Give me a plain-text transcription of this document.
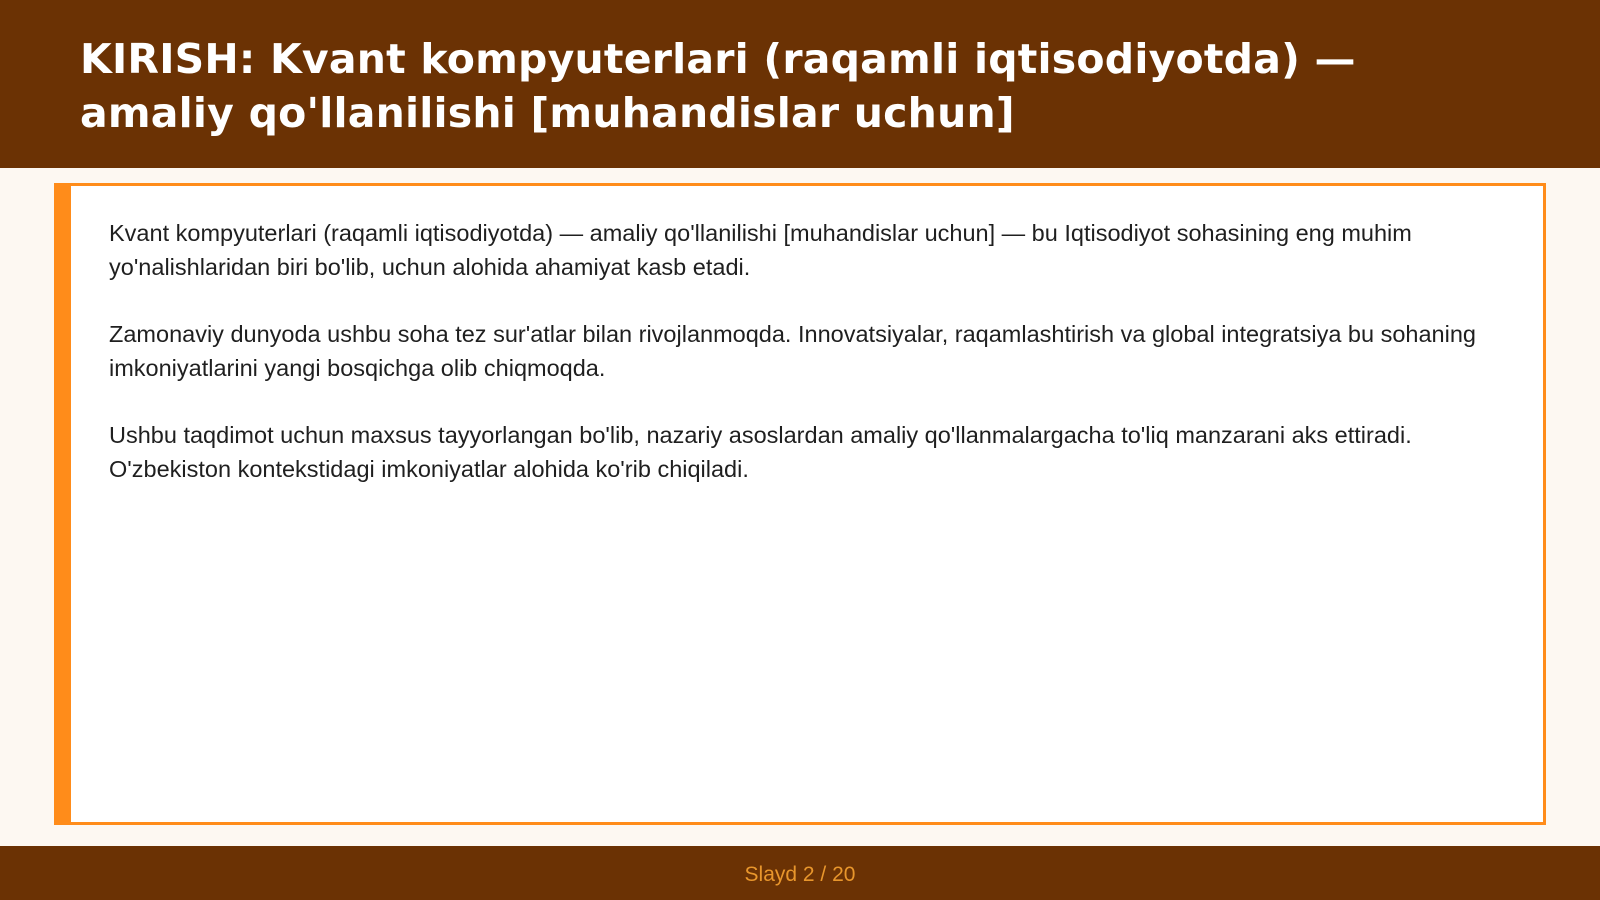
KIRISH: Kvant kompyuterlari (raqamli iqtisodiyotda) — amaliy qo'llanilishi [muhandislar uchun]

Kvant kompyuterlari (raqamli iqtisodiyotda) — amaliy qo'llanilishi [muhandislar uchun] — bu Iqtisodiyot sohasining eng muhim yo'nalishlaridan biri bo'lib, uchun alohida ahamiyat kasb etadi.

Zamonaviy dunyoda ushbu soha tez sur'atlar bilan rivojlanmoqda. Innovatsiyalar, raqamlashtirish va global integratsiya bu sohaning imkoniyatlarini yangi bosqichga olib chiqmoqda.

Ushbu taqdimot uchun maxsus tayyorlangan bo'lib, nazariy asoslardan amaliy qo'llanmalargacha to'liq manzarani aks ettiradi. O'zbekiston kontekstidagi imkoniyatlar alohida ko'rib chiqiladi.

Slayd 2 / 20
